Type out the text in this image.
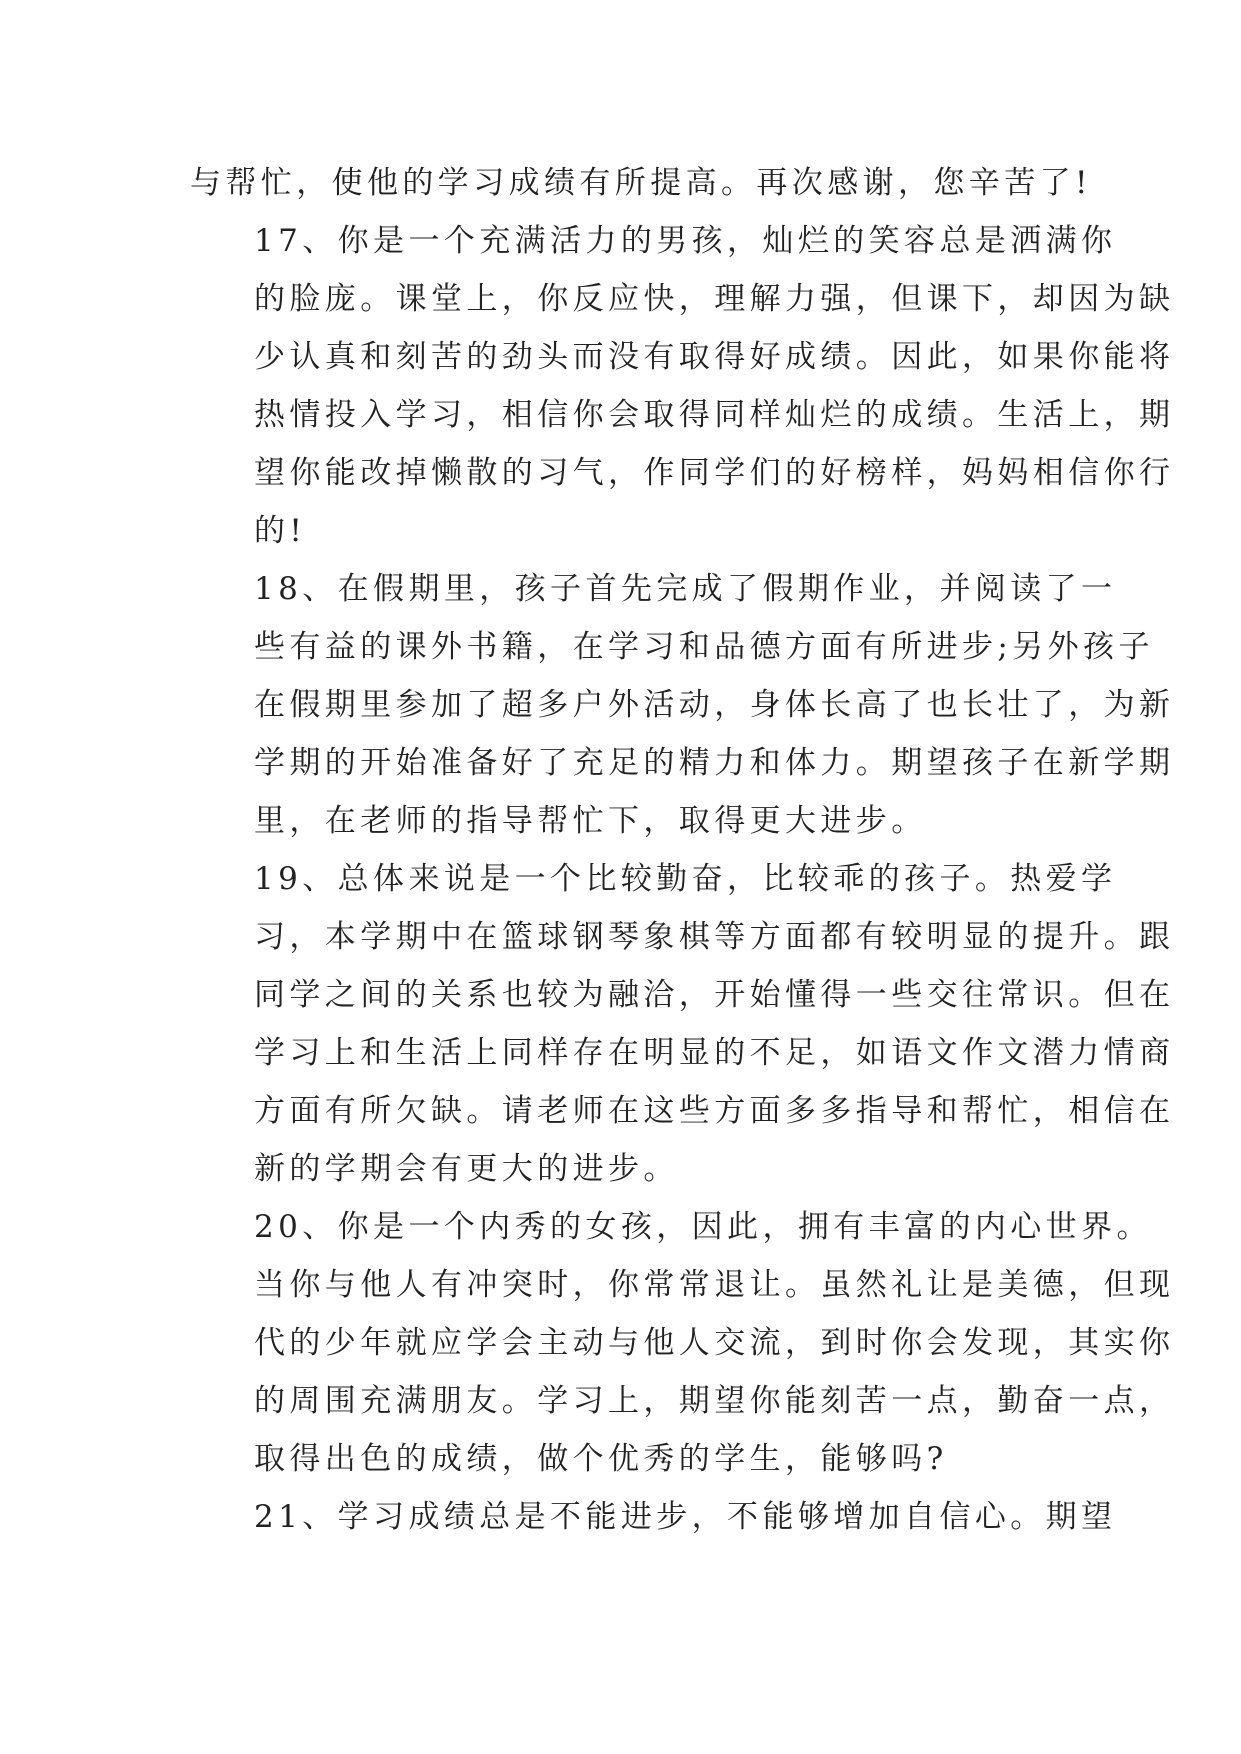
与帮忙，使他的学习成绩有所提高。再次感谢，您辛苦了!

17、你是一个充满活力的男孩，灿烂的笑容总是洒满你
的脸庞。课堂上，你反应快，理解力强，但课下，却因为缺
少认真和刻苦的劲头而没有取得好成绩。因此，如果你能将
热情投入学习，相信你会取得同样灿烂的成绩。生活上，期
望你能改掉懒散的习气，作同学们的好榜样，妈妈相信你行
的!

18、在假期里，孩子首先完成了假期作业，并阅读了一
些有益的课外书籍，在学习和品德方面有所进步;另外孩子
在假期里参加了超多户外活动，身体长高了也长壮了，为新
学期的开始准备好了充足的精力和体力。期望孩子在新学期
里，在老师的指导帮忙下，取得更大进步。

19、总体来说是一个比较勤奋，比较乖的孩子。热爱学
习，本学期中在篮球钢琴象棋等方面都有较明显的提升。跟
同学之间的关系也较为融洽，开始懂得一些交往常识。但在
学习上和生活上同样存在明显的不足，如语文作文潜力情商
方面有所欠缺。请老师在这些方面多多指导和帮忙，相信在
新的学期会有更大的进步。

20、你是一个内秀的女孩，因此，拥有丰富的内心世界。
当你与他人有冲突时，你常常退让。虽然礼让是美德，但现
代的少年就应学会主动与他人交流，到时你会发现，其实你
的周围充满朋友。学习上，期望你能刻苦一点，勤奋一点，
取得出色的成绩，做个优秀的学生，能够吗?

21、学习成绩总是不能进步，不能够增加自信心。期望
